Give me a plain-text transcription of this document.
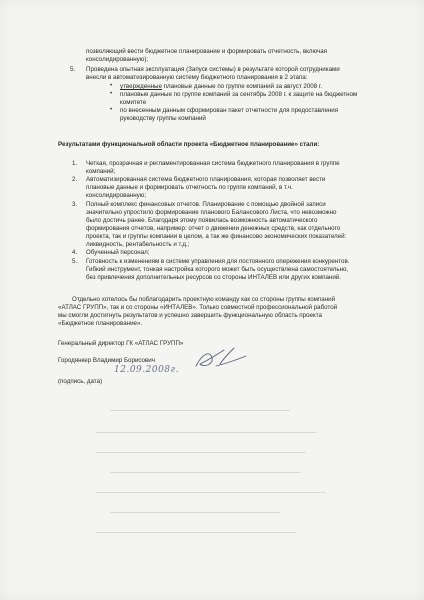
позволяющий вести бюджетное планирование и формировать отчетность, включая
консолидированную);
5. Проведена опытная эксплуатация (Запуск системы) в результате которой сотрудниками
внесли в автоматизированную систему бюджетного планирования в 2 этапа:
• утвержденные плановые данные по группе компаний за август 2008 г.
• плановые данные по группе компаний за сентябрь 2008 г. к защите на бюджетном
комитете
• по внесенным данным сформирован пакет отчетности для предоставления
руководству группы компаний
Результатами функциональной области проекта «Бюджетное планирование» стали:
1. Четкая, прозрачная и регламентированная система бюджетного планирования в группе
компаний;
2. Автоматизированная система бюджетного планирования, которая позволяет вести
плановые данные и формировать отчетность по группе компаний, в т.ч.
консолидированную;
3. Полный комплекс финансовых отчетов. Планирование с помощью двойной записи
значительно упростило формирование планового Балансового Листа, что невозможно
было достичь ранее. Благодаря этому появилась возможность автоматического
формирования отчетов, например: отчет о движении денежных средств, как отдельного
проекта, так и группы компании в целом, а так же финансово экономических показателей:
ликвидность, рентабельность и т.д.;
4. Обученный персонал;
5. Готовность к изменениям в системе управления для постоянного опережения конкурентов.
Гибкий инструмент, тонкая настройка которого может быть осуществлена самостоятельно,
без привлечения дополнительных ресурсов со стороны ИНТАЛЕВ или других компаний.
Отдельно хотелось бы поблагодарить проектную команду как со стороны группы компаний
«АТЛАС ГРУПП», так и со стороны «ИНТАЛЕВ». Только совместной профессиональной работой
мы смогли достигнуть результатов и успешно завершить функциональную область проекта
«Бюджетное планирование».
Генеральный директор ГК «АТЛАС ГРУПП»
Городянкер Владимир Борисович
12.09.2008г.
(подпись, дата)
